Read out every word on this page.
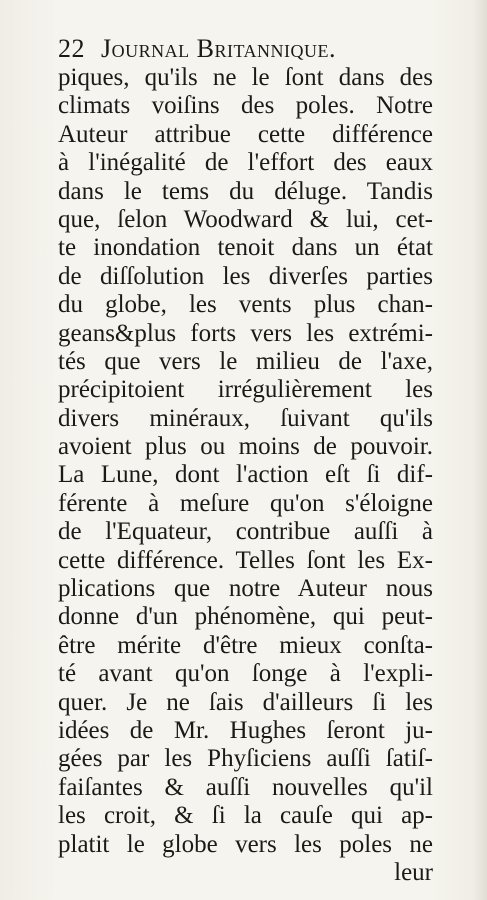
22 Journal Britannique.
piques, qu'ils ne le ſont dans des
climats voiſins des poles. Notre
Auteur attribue cette différence
à l'inégalité de l'effort des eaux
dans le tems du déluge. Tandis
que, ſelon Woodward & lui, cet-
te inondation tenoit dans un état
de diſſolution les diverſes parties
du globe, les vents plus chan-
geans&plus forts vers les extrémi-
tés que vers le milieu de l'axe,
précipitoient irrégulièrement les
divers minéraux, ſuivant qu'ils
avoient plus ou moins de pouvoir.
La Lune, dont l'action eſt ſi dif-
férente à meſure qu'on s'éloigne
de l'Equateur, contribue auſſi à
cette différence. Telles ſont les Ex-
plications que notre Auteur nous
donne d'un phénomène, qui peut-
être mérite d'être mieux conſta-
té avant qu'on ſonge à l'expli-
quer. Je ne ſais d'ailleurs ſi les
idées de Mr. Hughes ſeront ju-
gées par les Phyſiciens auſſi ſatiſ-
faiſantes & auſſi nouvelles qu'il
les croit, & ſi la cauſe qui ap-
platit le globe vers les poles ne
leur
